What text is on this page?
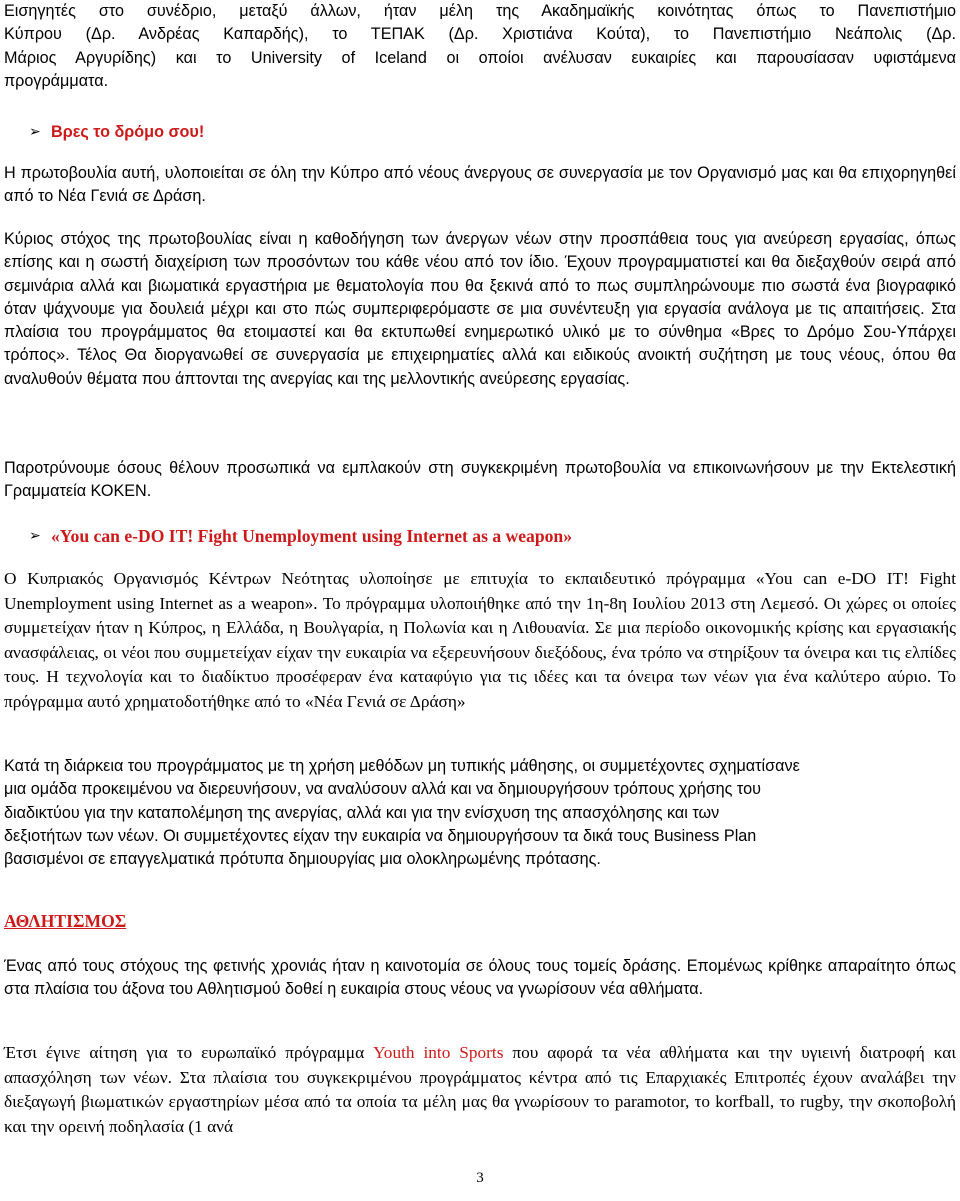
Εισηγητές στο συνέδριο, μεταξύ άλλων, ήταν μέλη της Ακαδημαϊκής κοινότητας όπως το Πανεπιστήμιο
Κύπρου (Δρ. Ανδρέας Καπαρδής), το ΤΕΠΑΚ (Δρ. Χριστιάνα Κούτα), το Πανεπιστήμιο Νεάπολις (Δρ.
Μάριος Αργυρίδης) και το University of Iceland οι οποίοι ανέλυσαν ευκαιρίες και παρουσίασαν υφιστάμενα
προγράμματα.
➢ Βρες το δρόμο σου!

Η πρωτοβουλία αυτή, υλοποιείται σε όλη την Κύπρο από νέους άνεργους σε συνεργασία με τον Οργανισμό μας και θα επιχορηγηθεί από το Νέα Γενιά σε Δράση.

Κύριος στόχος της πρωτοβουλίας είναι η καθοδήγηση των άνεργων νέων στην προσπάθεια τους για ανεύρεση εργασίας, όπως επίσης και η σωστή διαχείριση των προσόντων του κάθε νέου από τον ίδιο. Έχουν προγραμματιστεί και θα διεξαχθούν σειρά από σεμινάρια αλλά και βιωματικά εργαστήρια με θεματολογία που θα ξεκινά από το πως συμπληρώνουμε πιο σωστά ένα βιογραφικό όταν ψάχνουμε για δουλειά μέχρι και στο πώς συμπεριφερόμαστε σε μια συνέντευξη για εργασία ανάλογα με τις απαιτήσεις. Στα πλαίσια του προγράμματος θα ετοιμαστεί και θα εκτυπωθεί ενημερωτικό υλικό με το σύνθημα «Βρες το Δρόμο Σου-Υπάρχει τρόπος». Τέλος Θα διοργανωθεί σε συνεργασία με επιχειρηματίες αλλά και ειδικούς ανοικτή συζήτηση με τους νέους, όπου θα αναλυθούν θέματα που άπτονται της ανεργίας και της μελλοντικής ανεύρεσης εργασίας.

Παροτρύνουμε όσους θέλουν προσωπικά να εμπλακούν στη συγκεκριμένη πρωτοβουλία να επικοινωνήσουν με την Εκτελεστική Γραμματεία ΚΟΚΕΝ.

➢ «You can e-DO IT! Fight Unemployment using Internet as a weapon»

Ο Κυπριακός Οργανισμός Κέντρων Νεότητας υλοποίησε με επιτυχία το εκπαιδευτικό πρόγραμμα «You can e-DO IT! Fight Unemployment using Internet as a weapon». Το πρόγραμμα υλοποιήθηκε από την 1η-8η Ιουλίου 2013 στη Λεμεσό. Οι χώρες οι οποίες συμμετείχαν ήταν η Κύπρος, η Ελλάδα, η Βουλγαρία, η Πολωνία και η Λιθουανία. Σε μια περίοδο οικονομικής κρίσης και εργασιακής ανασφάλειας, οι νέοι που συμμετείχαν είχαν την ευκαιρία να εξερευνήσουν διεξόδους, ένα τρόπο να στηρίξουν τα όνειρα και τις ελπίδες τους. Η τεχνολογία και το διαδίκτυο προσέφεραν ένα καταφύγιο για τις ιδέες και τα όνειρα των νέων για ένα καλύτερο αύριο. Το πρόγραμμα αυτό χρηματοδοτήθηκε από το «Νέα Γενιά σε Δράση»

Κατά τη διάρκεια του προγράμματος με τη χρήση μεθόδων μη τυπικής μάθησης, οι συμμετέχοντες σχηματίσανε
μια ομάδα προκειμένου να διερευνήσουν, να αναλύσουν αλλά και να δημιουργήσουν τρόπους χρήσης του
διαδικτύου για την καταπολέμηση της ανεργίας, αλλά και για την ενίσχυση της απασχόλησης και των
δεξιοτήτων των νέων. Οι συμμετέχοντες είχαν την ευκαιρία να δημιουργήσουν τα δικά τους Business Plan
βασισμένοι σε επαγγελματικά πρότυπα δημιουργίας μια ολοκληρωμένης πρότασης.
ΑΘΛΗΤΙΣΜΟΣ

Ένας από τους στόχους της φετινής χρονιάς ήταν η καινοτομία σε όλους τους τομείς δράσης. Επομένως κρίθηκε απαραίτητο όπως στα πλαίσια του άξονα του Αθλητισμού δοθεί η ευκαιρία στους νέους να γνωρίσουν νέα αθλήματα.

Έτσι έγινε αίτηση για το ευρωπαϊκό πρόγραμμα Youth into Sports που αφορά τα νέα αθλήματα και την υγιεινή διατροφή και απασχόληση των νέων. Στα πλαίσια του συγκεκριμένου προγράμματος κέντρα από τις Επαρχιακές Επιτροπές έχουν αναλάβει την διεξαγωγή βιωματικών εργαστηρίων μέσα από τα οποία τα μέλη μας θα γνωρίσουν το paramotor, το korfball, το rugby, την σκοποβολή και την ορεινή ποδηλασία (1 ανά

3
